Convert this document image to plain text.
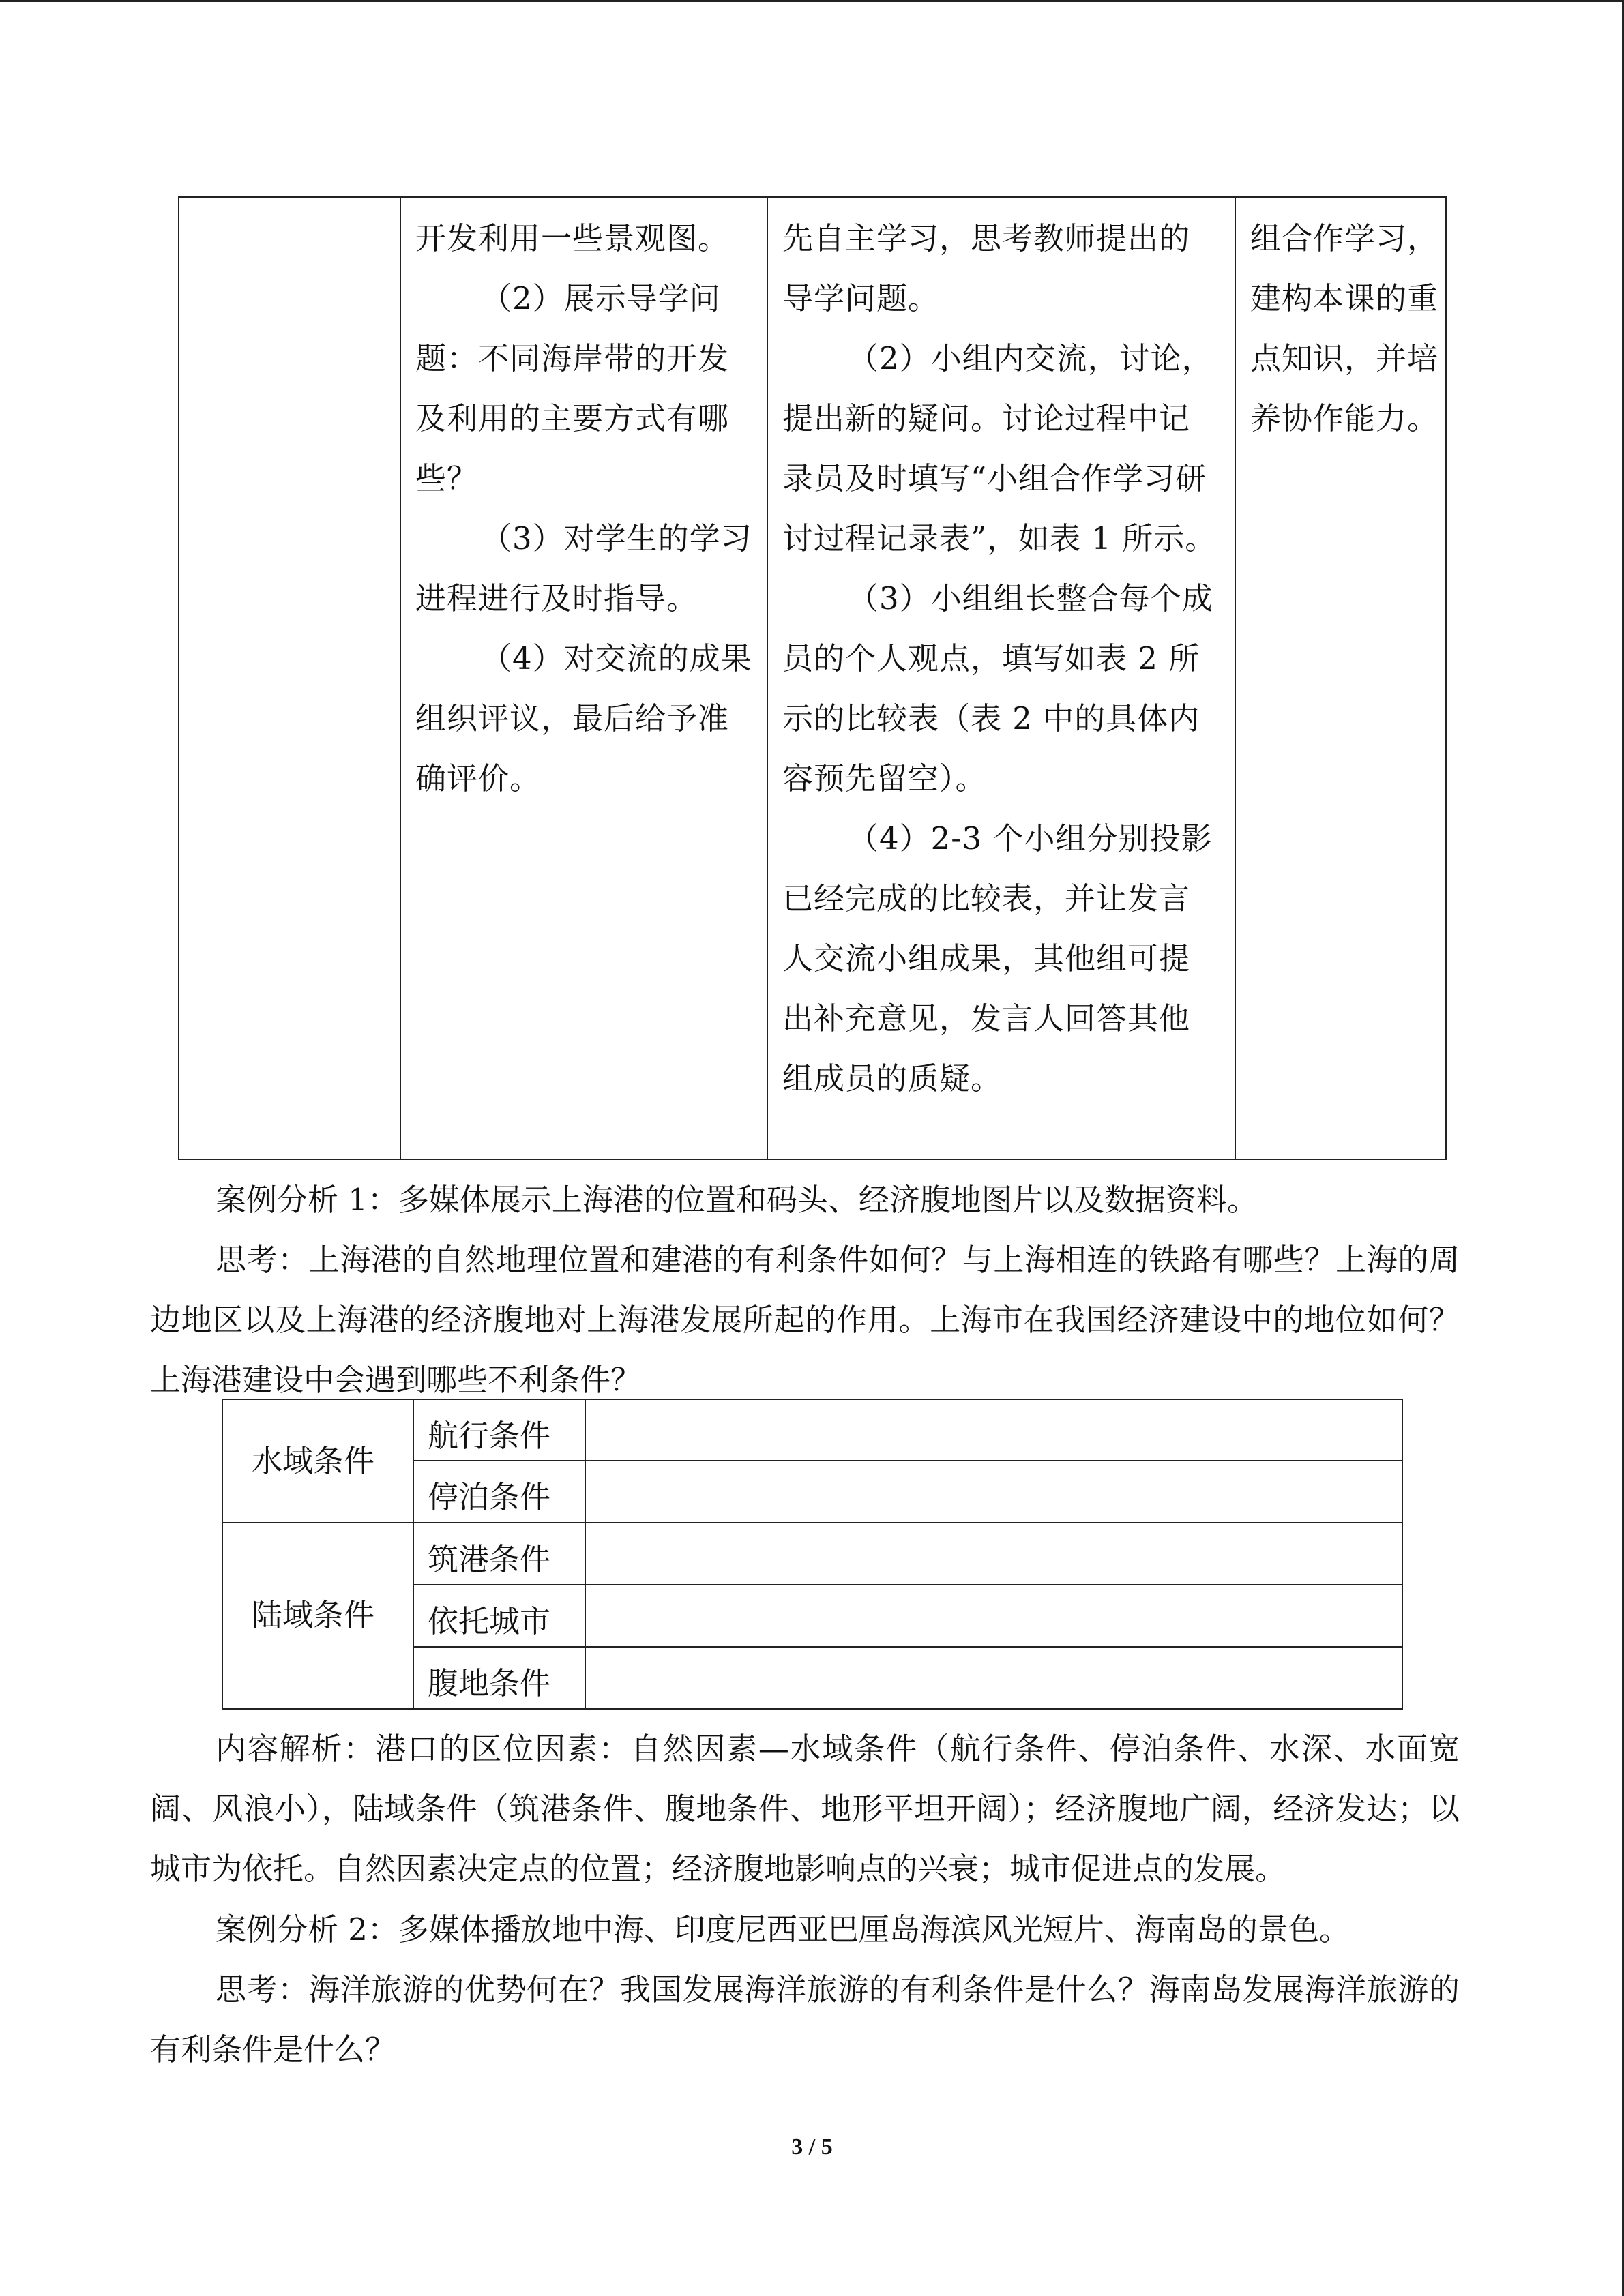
开发利用一些景观图。

（2）展示导学问题：不同海岸带的开发及利用的主要方式有哪些？

（3）对学生的学习进程进行及时指导。

（4）对交流的成果组织评议，最后给予准确评价。

先自主学习，思考教师提出的导学问题。

（2）小组内交流，讨论，提出新的疑问。讨论过程中记录员及时填写“小组合作学习研讨过程记录表”，如表 1 所示。

（3）小组组长整合每个成员的个人观点，填写如表 2 所示的比较表（表 2 中的具体内容预先留空）。

（4）2-3 个小组分别投影已经完成的比较表，并让发言人交流小组成果，其他组可提出补充意见，发言人回答其他组成员的质疑。

组合作学习，建构本课的重点知识，并培养协作能力。

案例分析 1：多媒体展示上海港的位置和码头、经济腹地图片以及数据资料。

思考：上海港的自然地理位置和建港的有利条件如何？与上海相连的铁路有哪些？上海的周边地区以及上海港的经济腹地对上海港发展所起的作用。上海市在我国经济建设中的地位如何？上海港建设中会遇到哪些不利条件？

水域条件
陆域条件
航行条件
停泊条件
筑港条件
依托城市
腹地条件

内容解析：港口的区位因素：自然因素—水域条件（航行条件、停泊条件、水深、水面宽阔、风浪小），陆域条件（筑港条件、腹地条件、地形平坦开阔）；经济腹地广阔，经济发达；以城市为依托。自然因素决定点的位置；经济腹地影响点的兴衰；城市促进点的发展。

案例分析 2：多媒体播放地中海、印度尼西亚巴厘岛海滨风光短片、海南岛的景色。

思考：海洋旅游的优势何在？我国发展海洋旅游的有利条件是什么？海南岛发展海洋旅游的有利条件是什么？

3 / 5
